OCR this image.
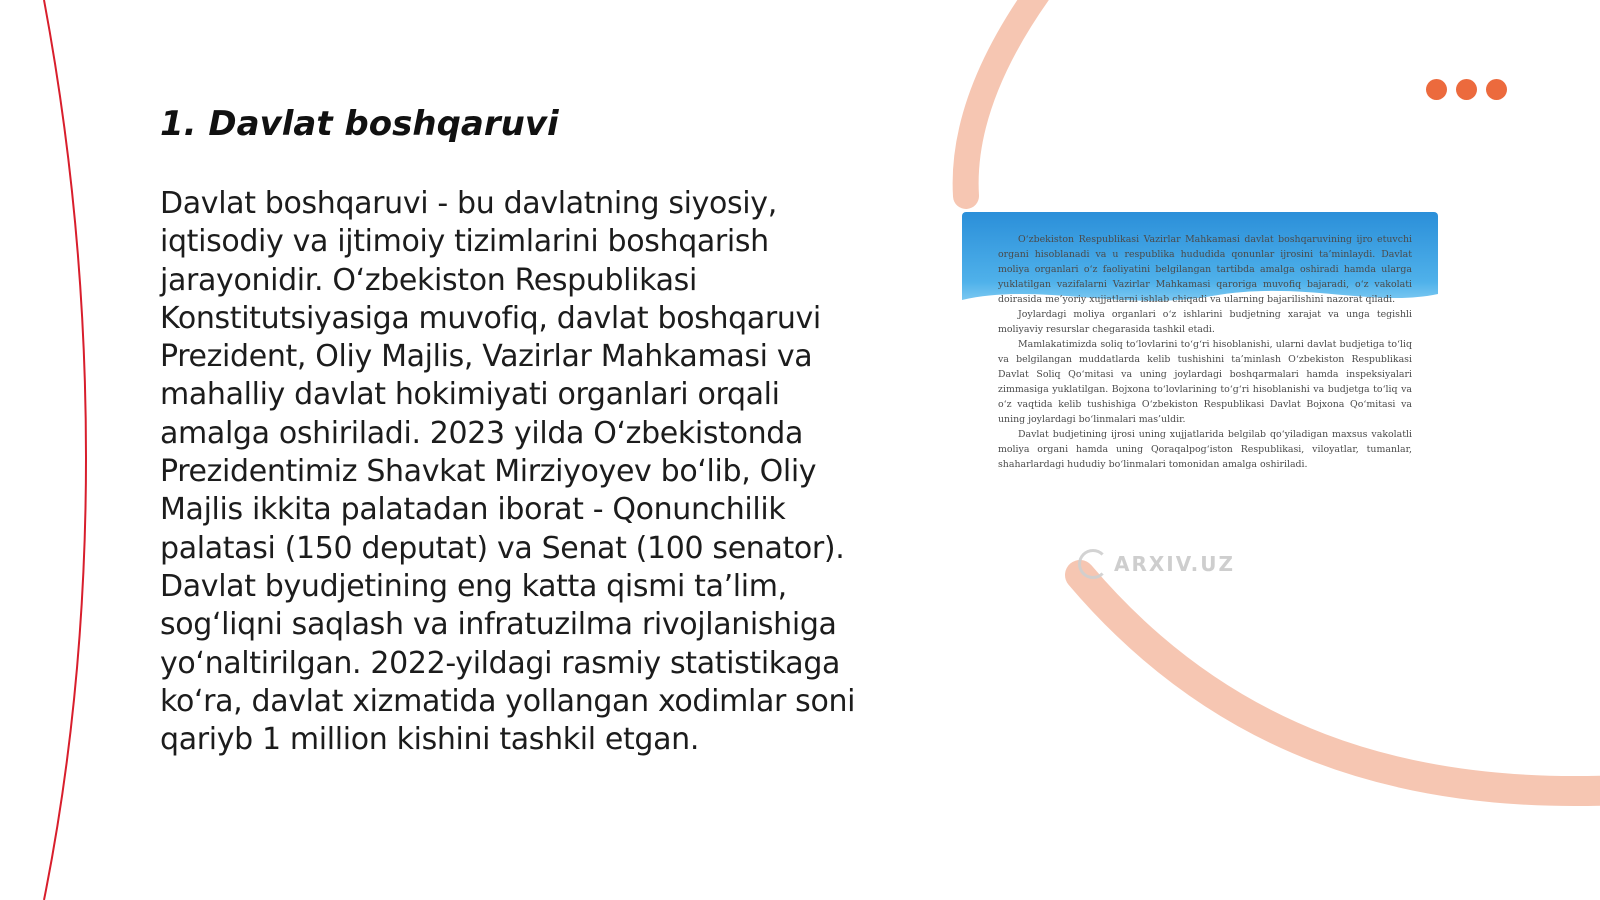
1. Davlat boshqaruvi

Davlat boshqaruvi - bu davlatning siyosiy, iqtisodiy va ijtimoiy tizimlarini boshqarish jarayonidir. O‘zbekiston Respublikasi Konstitutsiyasiga muvofiq, davlat boshqaruvi Prezident, Oliy Majlis, Vazirlar Mahkamasi va mahalliy davlat hokimiyati organlari orqali amalga oshiriladi. 2023 yilda O‘zbekistonda Prezidentimiz Shavkat Mirziyoyev bo‘lib, Oliy Majlis ikkita palatadan iborat - Qonunchilik palatasi (150 deputat) va Senat (100 senator). Davlat byudjetining eng katta qismi ta’lim, sog‘liqni saqlash va infratuzilma rivojlanishiga yo‘naltirilgan. 2022-yildagi rasmiy statistikaga ko‘ra, davlat xizmatida yollangan xodimlar soni qariyb 1 million kishini tashkil etgan.

O‘zbekiston Respublikasi Vazirlar Mahkamasi davlat boshqaruvining ijro etuvchi organi hisoblanadi va u respublika hududida qonunlar ijrosini ta’minlaydi. Davlat moliya organlari o‘z faoliyatini belgilangan tartibda amalga oshiradi hamda ularga yuklatilgan vazifalarni Vazirlar Mahkamasi qaroriga muvofiq bajaradi, o‘z vakolati doirasida me’yoriy xujjatlarni ishlab chiqadi va ularning bajarilishini nazorat qiladi.

Joylardagi moliya organlari o‘z ishlarini budjetning xarajat va unga tegishli moliyaviy resurslar chegarasida tashkil etadi.

Mamlakatimizda soliq to‘lovlarini to‘g‘ri hisoblanishi, ularni davlat budjetiga to‘liq va belgilangan muddatlarda kelib tushishini ta’minlash O‘zbekiston Respublikasi Davlat Soliq Qo‘mitasi va uning joylardagi boshqarmalari hamda inspeksiyalari zimmasiga yuklatilgan. Bojxona to‘lovlarining to‘g‘ri hisoblanishi va budjetga to‘liq va o‘z vaqtida kelib tushishiga O‘zbekiston Respublikasi Davlat Bojxona Qo‘mitasi va uning joylardagi bo‘linmalari mas’uldir.

Davlat budjetining ijrosi uning xujjatlarida belgilab qo‘yiladigan maxsus vakolatli moliya organi hamda uning Qoraqalpog‘iston Respublikasi, viloyatlar, tumanlar, shaharlardagi hududiy bo‘linmalari tomonidan amalga oshiriladi.

ARXIV.UZ
